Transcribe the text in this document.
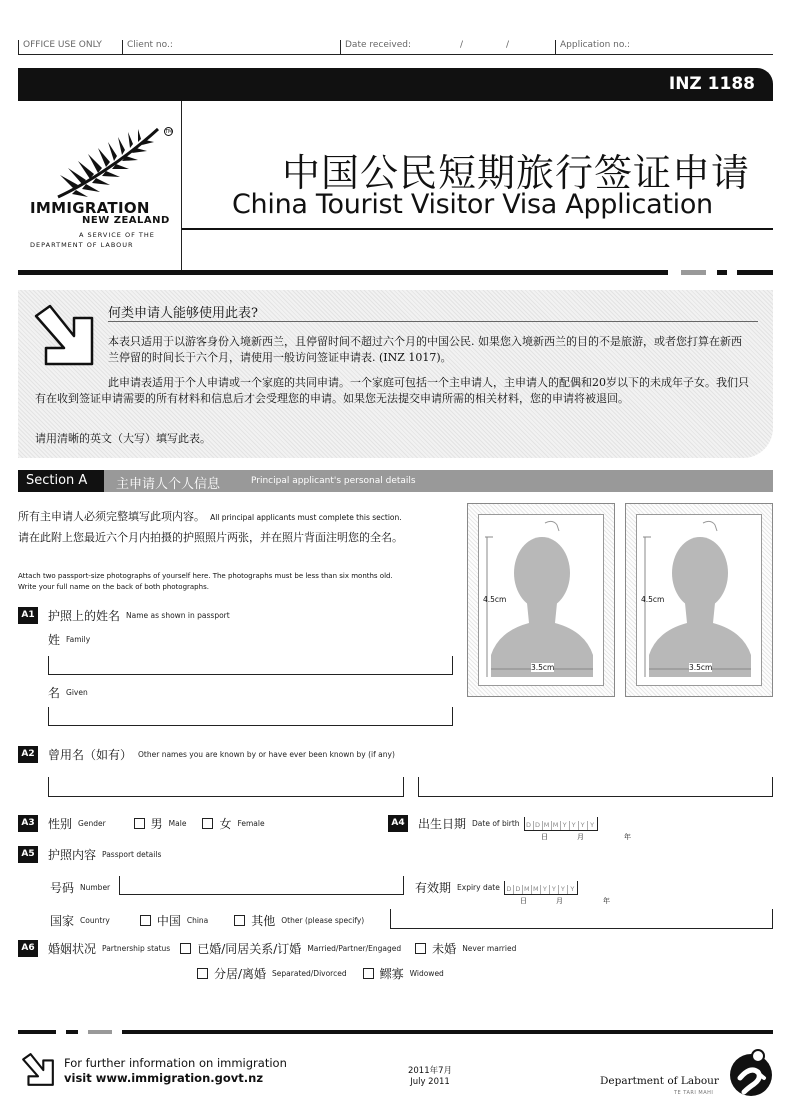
OFFICE USE ONLY	Client no.:	Date received:	/	/	Application no.:
INZ 1188
TM
IMMIGRATION
NEW ZEALAND
A SERVICE OF THE
DEPARTMENT OF LABOUR
中国公民短期旅行签证申请
China Tourist Visitor Visa Application
何类申请人能够使用此表?
本表只适用于以游客身份入境新西兰，且停留时间不超过六个月的中国公民. 如果您入境新西兰的目的不是旅游，或者您打算在新西兰停留的时间长于六个月，请使用一般访问签证申请表. (INZ 1017)。
此申请表适用于个人申请或一个家庭的共同申请。一个家庭可包括一个主申请人，主申请人的配偶和20岁以下的未成年子女。我们只有在收到签证申请需要的所有材料和信息后才会受理您的申请。如果您无法提交申请所需的相关材料，您的申请将被退回。
请用清晰的英文（大写）填写此表。
Section A	主申请人个人信息	Principal applicant's personal details
所有主申请人必须完整填写此项内容。 All principal applicants must complete this section.
请在此附上您最近六个月内拍摄的护照照片两张，并在照片背面注明您的全名。
Attach two passport-size photographs of yourself here. The photographs must be less than six months old.
Write your full name on the back of both photographs.
4.5cm
3.5cm
4.5cm
3.5cm
A1 护照上的姓名 Name as shown in passport
姓 Family
名 Given
A2 曾用名（如有） Other names you are known by or have ever been known by (if any)
A3 性别 Gender	男 Male	女 Female	A4 出生日期 Date of birth D D M M Y Y Y Y
日	月	年
A5 护照内容 Passport details
号码 Number	有效期 Expiry date D D M M Y Y Y Y
日	月	年
国家 Country	中国 China	其他 Other (please specify)
A6 婚姻状况 Partnership status 已婚/同居关系/订婚 Married/Partner/Engaged	未婚 Never married
分居/离婚 Separated/Divorced	鳏寡 Widowed
For further information on immigration
visit www.immigration.govt.nz	2011年7月
July 2011	Department of Labour
TE TARI MAHI
